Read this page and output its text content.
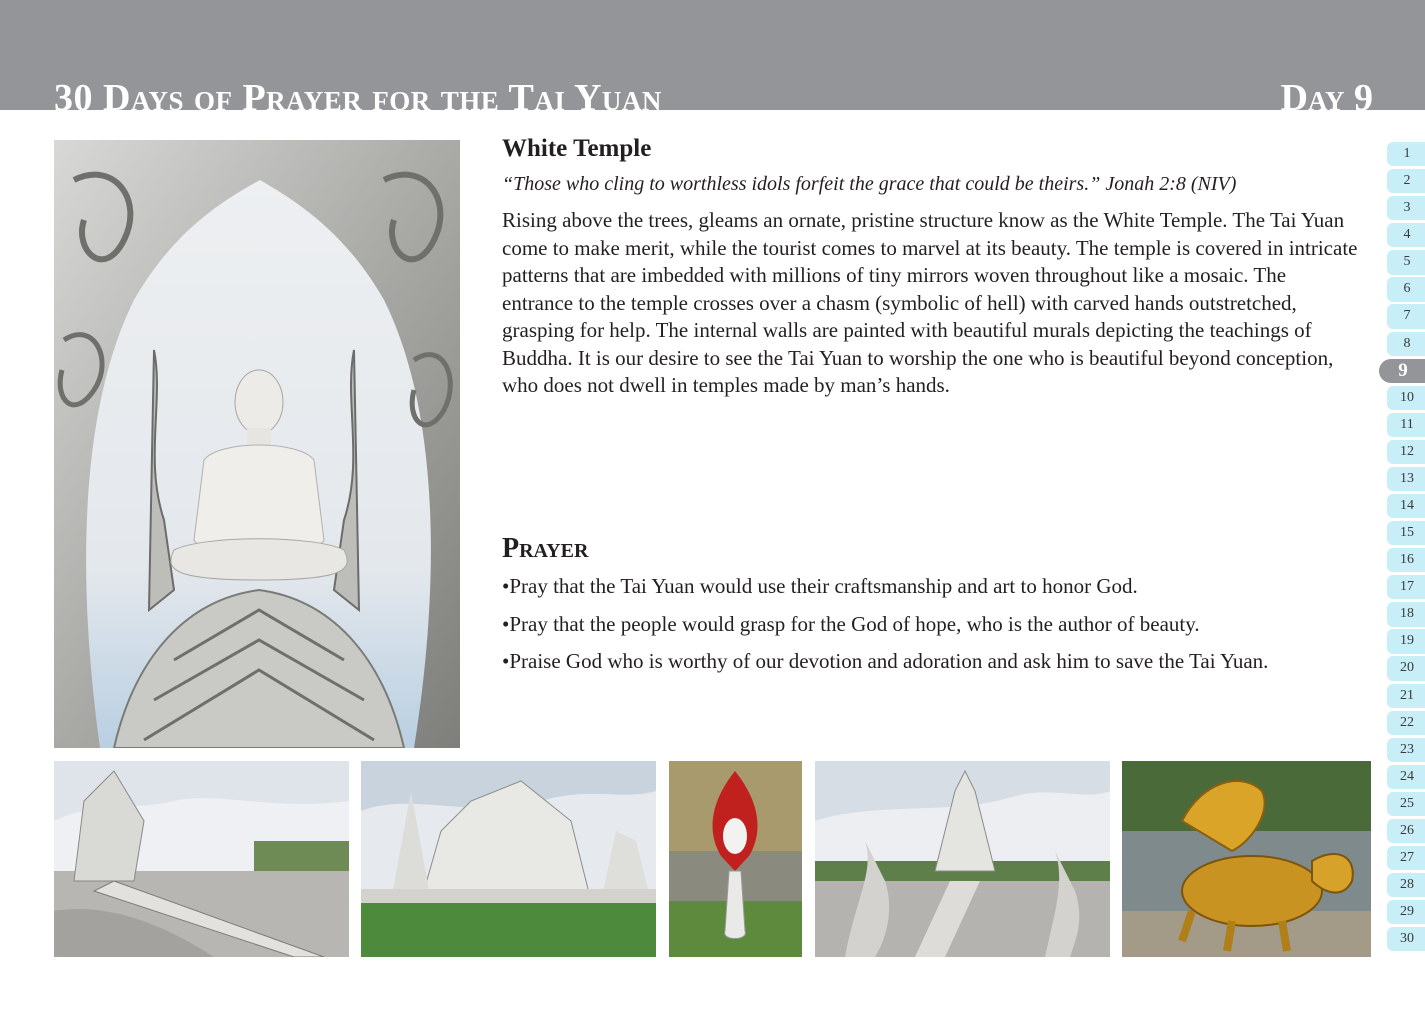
30 Days of Prayer for the Tai Yuan	Day 9
White Temple

“Those who cling to worthless idols forfeit the grace that could be theirs.” Jonah 2:8 (NIV)

Rising above the trees, gleams an ornate, pristine structure know as the White Temple. The Tai Yuan come to make merit, while the tourist comes to marvel at its beauty. The temple is covered in intricate patterns that are imbedded with millions of tiny mirrors woven throughout like a mosaic. The entrance to the temple crosses over a chasm (symbolic of hell) with carved hands outstretched, grasping for help. The internal walls are painted with beautiful murals depicting the teachings of Buddha. It is our desire to see the Tai Yuan to worship the one who is beautiful beyond conception, who does not dwell in temples made by man’s hands.

Prayer
•Pray that the Tai Yuan would use their craftsmanship and art to honor God.
•Pray that the people would grasp for the God of hope, who is the author of beauty.
•Praise God who is worthy of our devotion and adoration and ask him to save the Tai Yuan.
1
2
3
4
5
6
7
8
9
10
11
12
13
14
15
16
17
18
19
20
21
22
23
24
25
26
27
28
29
30
